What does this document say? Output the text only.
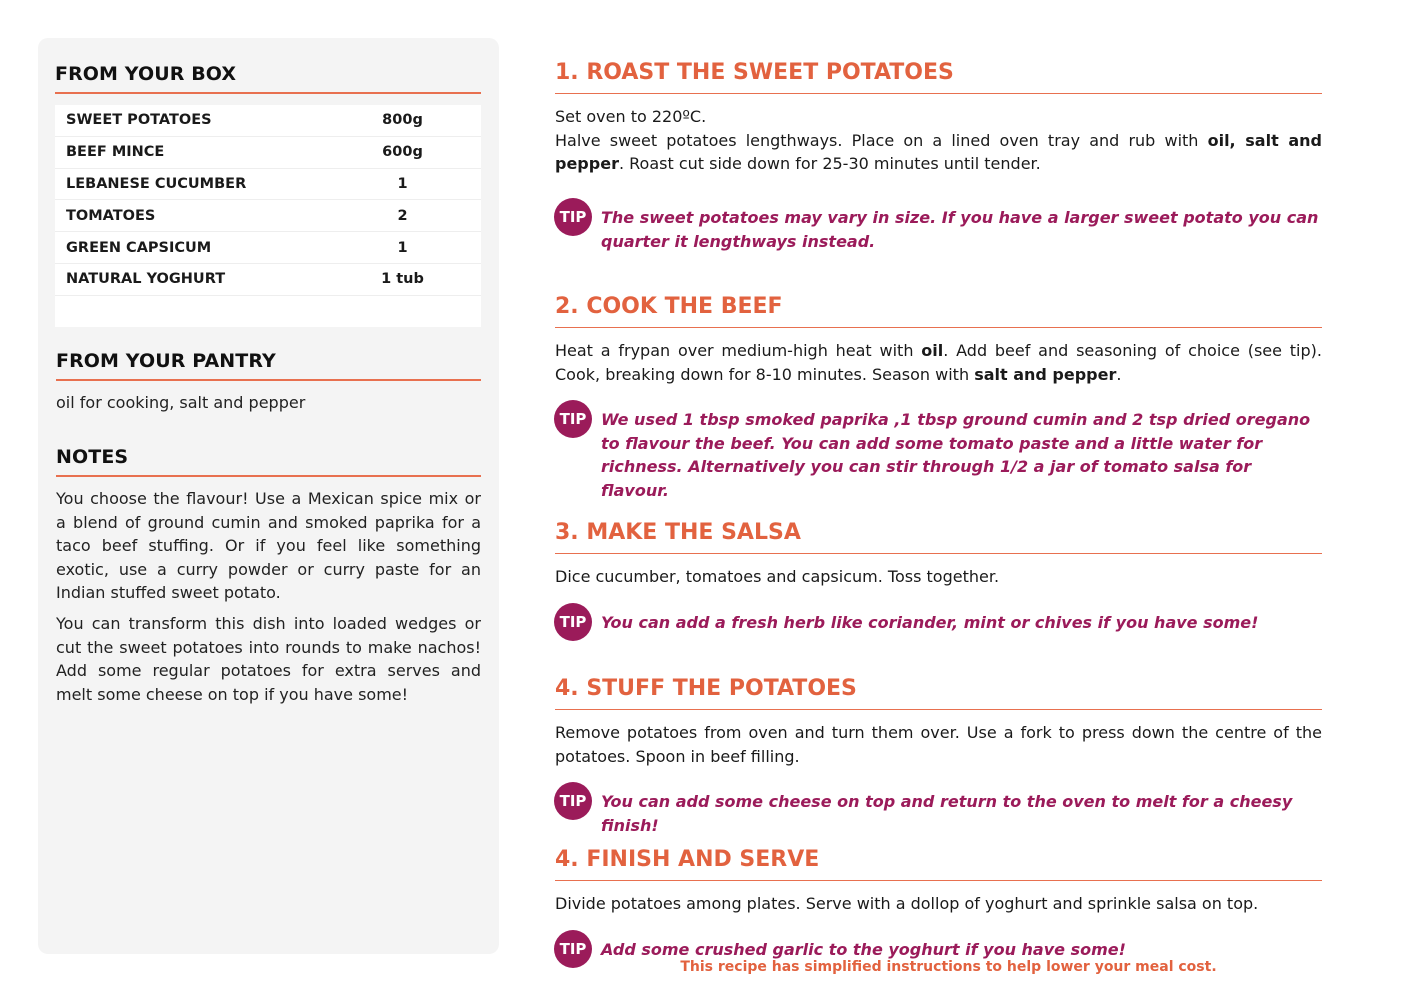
FROM YOUR BOX
SWEET POTATOES	800g
BEEF MINCE	600g
LEBANESE CUCUMBER	1
TOMATOES	2
GREEN CAPSICUM	1
NATURAL YOGHURT	1 tub
FROM YOUR PANTRY
oil for cooking, salt and pepper
NOTES

You choose the flavour! Use a Mexican spice mix or a blend of ground cumin and smoked paprika for a taco beef stuffing. Or if you feel like something exotic, use a curry powder or curry paste for an Indian stuffed sweet potato.

You can transform this dish into loaded wedges or cut the sweet potatoes into rounds to make nachos! Add some regular potatoes for extra serves and melt some cheese on top if you have some!

1. ROAST THE SWEET POTATOES
Set oven to 220ºC.
Halve sweet potatoes lengthways. Place on a lined oven tray and rub with oil, salt and pepper. Roast cut side down for 25-30 minutes until tender.
TIP The sweet potatoes may vary in size. If you have a larger sweet potato you can quarter it lengthways instead.
2. COOK THE BEEF
Heat a frypan over medium-high heat with oil. Add beef and seasoning of choice (see tip). Cook, breaking down for 8-10 minutes. Season with salt and pepper.
TIP We used 1 tbsp smoked paprika ,1 tbsp ground cumin and 2 tsp dried oregano to flavour the beef. You can add some tomato paste and a little water for richness. Alternatively you can stir through 1/2 a jar of tomato salsa for flavour.
3. MAKE THE SALSA
Dice cucumber, tomatoes and capsicum. Toss together.
TIP You can add a fresh herb like coriander, mint or chives if you have some!
4. STUFF THE POTATOES
Remove potatoes from oven and turn them over. Use a fork to press down the centre of the potatoes. Spoon in beef filling.
TIP You can add some cheese on top and return to the oven to melt for a cheesy finish!
4. FINISH AND SERVE
Divide potatoes among plates. Serve with a dollop of yoghurt and sprinkle salsa on top.
TIP Add some crushed garlic to the yoghurt if you have some!
This recipe has simplified instructions to help lower your meal cost.
